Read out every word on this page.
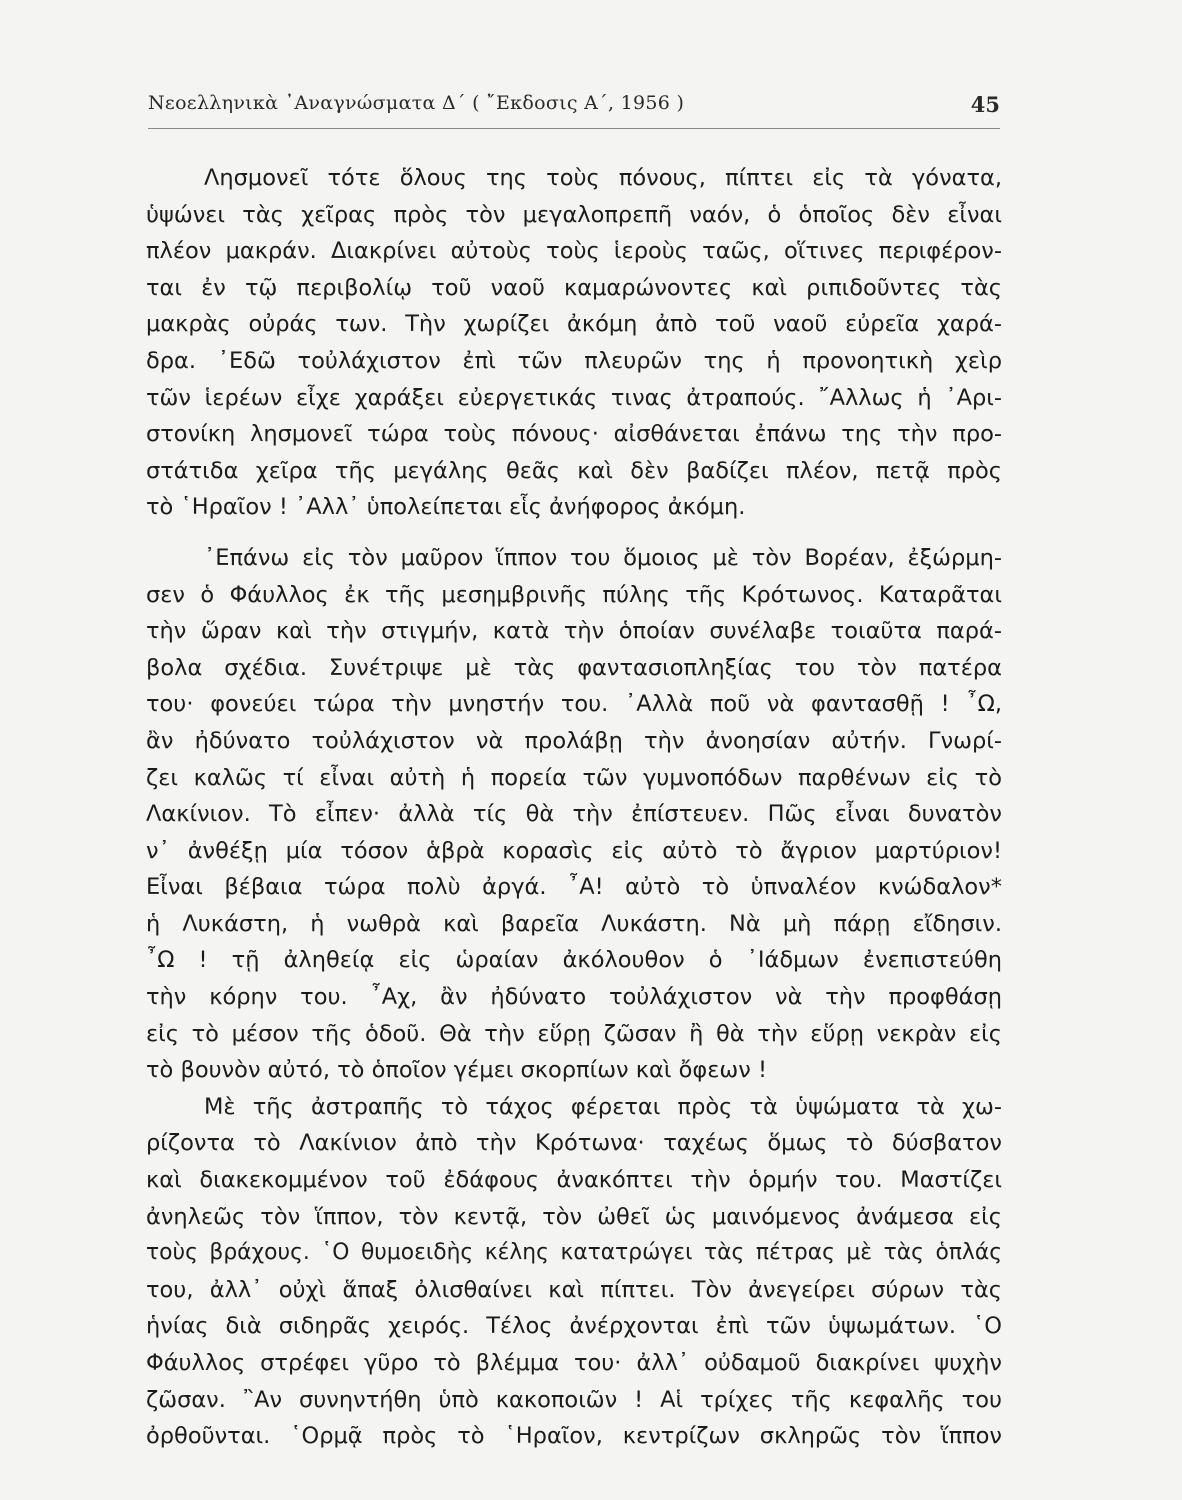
Νεοελληνικὰ ᾿Αναγνώσματα Δ΄ ( ῎Εκδοσις Α΄, 1956 )	45
Λησμονεῖ τότε ὅλους της τοὺς πόνους, πίπτει εἰς τὰ γόνατα,
ὑψώνει τὰς χεῖρας πρὸς τὸν μεγαλοπρεπῆ ναόν, ὁ ὁποῖος δὲν εἶναι
πλέον μακράν. Διακρίνει αὐτοὺς τοὺς ἱεροὺς ταῶς, οἵτινες περιφέρον-
ται ἐν τῷ περιβολίῳ τοῦ ναοῦ καμαρώνοντες καὶ ριπιδοῦντες τὰς
μακρὰς οὐράς των. Τὴν χωρίζει ἀκόμη ἀπὸ τοῦ ναοῦ εὐρεῖα χαρά-
δρα. ᾿Εδῶ τοὐλάχιστον ἐπὶ τῶν πλευρῶν της ἡ προνοητικὴ χεὶρ
τῶν ἱερέων εἶχε χαράξει εὐεργετικάς τινας ἀτραπούς. ῎Αλλως ἡ ᾿Αρι-
στονίκη λησμονεῖ τώρα τοὺς πόνους· αἰσθάνεται ἐπάνω της τὴν προ-
στάτιδα χεῖρα τῆς μεγάλης θεᾶς καὶ δὲν βαδίζει πλέον, πετᾷ πρὸς
τὸ ῾Ηραῖον ! ᾿Αλλ᾿ ὑπολείπεται εἷς ἀνήφορος ἀκόμη.
᾿Επάνω εἰς τὸν μαῦρον ἵππον του ὅμοιος μὲ τὸν Βορέαν, ἐξώρμη-
σεν ὁ Φάυλλος ἐκ τῆς μεσημβρινῆς πύλης τῆς Κρότωνος. Καταρᾶται
τὴν ὥραν καὶ τὴν στιγμήν, κατὰ τὴν ὁποίαν συνέλαβε τοιαῦτα παρά-
βολα σχέδια. Συνέτριψε μὲ τὰς φαντασιοπληξίας του τὸν πατέρα
του· φονεύει τώρα τὴν μνηστήν του. ᾿Αλλὰ ποῦ νὰ φαντασθῇ ! ῏Ω,
ἂν ἠδύνατο τοὐλάχιστον νὰ προλάβῃ τὴν ἀνοησίαν αὐτήν. Γνωρί-
ζει καλῶς τί εἶναι αὐτὴ ἡ πορεία τῶν γυμνοπόδων παρθένων εἰς τὸ
Λακίνιον. Τὸ εἶπεν· ἀλλὰ τίς θὰ τὴν ἐπίστευεν. Πῶς εἶναι δυνατὸν
ν᾿ ἀνθέξῃ μία τόσον ἁβρὰ κορασὶς εἰς αὐτὸ τὸ ἄγριον μαρτύριον!
Εἶναι βέβαια τώρα πολὺ ἀργά. ῏Α! αὐτὸ τὸ ὑπναλέον κνώδαλον*
ἡ Λυκάστη, ἡ νωθρὰ καὶ βαρεῖα Λυκάστη. Νὰ μὴ πάρῃ εἴδησιν.
῏Ω ! τῇ ἀληθείᾳ εἰς ὡραίαν ἀκόλουθον ὁ ᾿Ιάδμων ἐνεπιστεύθη
τὴν κόρην του. ῏Αχ, ἂν ἠδύνατο τοὐλάχιστον νὰ τὴν προφθάσῃ
εἰς τὸ μέσον τῆς ὁδοῦ. Θὰ τὴν εὕρῃ ζῶσαν ἢ θὰ τὴν εὕρῃ νεκρὰν εἰς
τὸ βουνὸν αὐτό, τὸ ὁποῖον γέμει σκορπίων καὶ ὄφεων !
Μὲ τῆς ἀστραπῆς τὸ τάχος φέρεται πρὸς τὰ ὑψώματα τὰ χω-
ρίζοντα τὸ Λακίνιον ἀπὸ τὴν Κρότωνα· ταχέως ὅμως τὸ δύσβατον
καὶ διακεκομμένον τοῦ ἐδάφους ἀνακόπτει τὴν ὁρμήν του. Μαστίζει
ἀνηλεῶς τὸν ἵππον, τὸν κεντᾷ, τὸν ὠθεῖ ὡς μαινόμενος ἀνάμεσα εἰς
τοὺς βράχους. ῾Ο θυμοειδὴς κέλης κατατρώγει τὰς πέτρας μὲ τὰς ὁπλάς
του, ἀλλ᾿ οὐχὶ ἅπαξ ὀλισθαίνει καὶ πίπτει. Τὸν ἀνεγείρει σύρων τὰς
ἡνίας διὰ σιδηρᾶς χειρός. Τέλος ἀνέρχονται ἐπὶ τῶν ὑψωμάτων. ῾Ο
Φάυλλος στρέφει γῦρο τὸ βλέμμα του· ἀλλ᾿ οὐδαμοῦ διακρίνει ψυχὴν
ζῶσαν. ῍Αν συνηντήθη ὑπὸ κακοποιῶν ! Αἱ τρίχες τῆς κεφαλῆς του
ὀρθοῦνται. ῾Ορμᾷ πρὸς τὸ ῾Ηραῖον, κεντρίζων σκληρῶς τὸν ἵππον
